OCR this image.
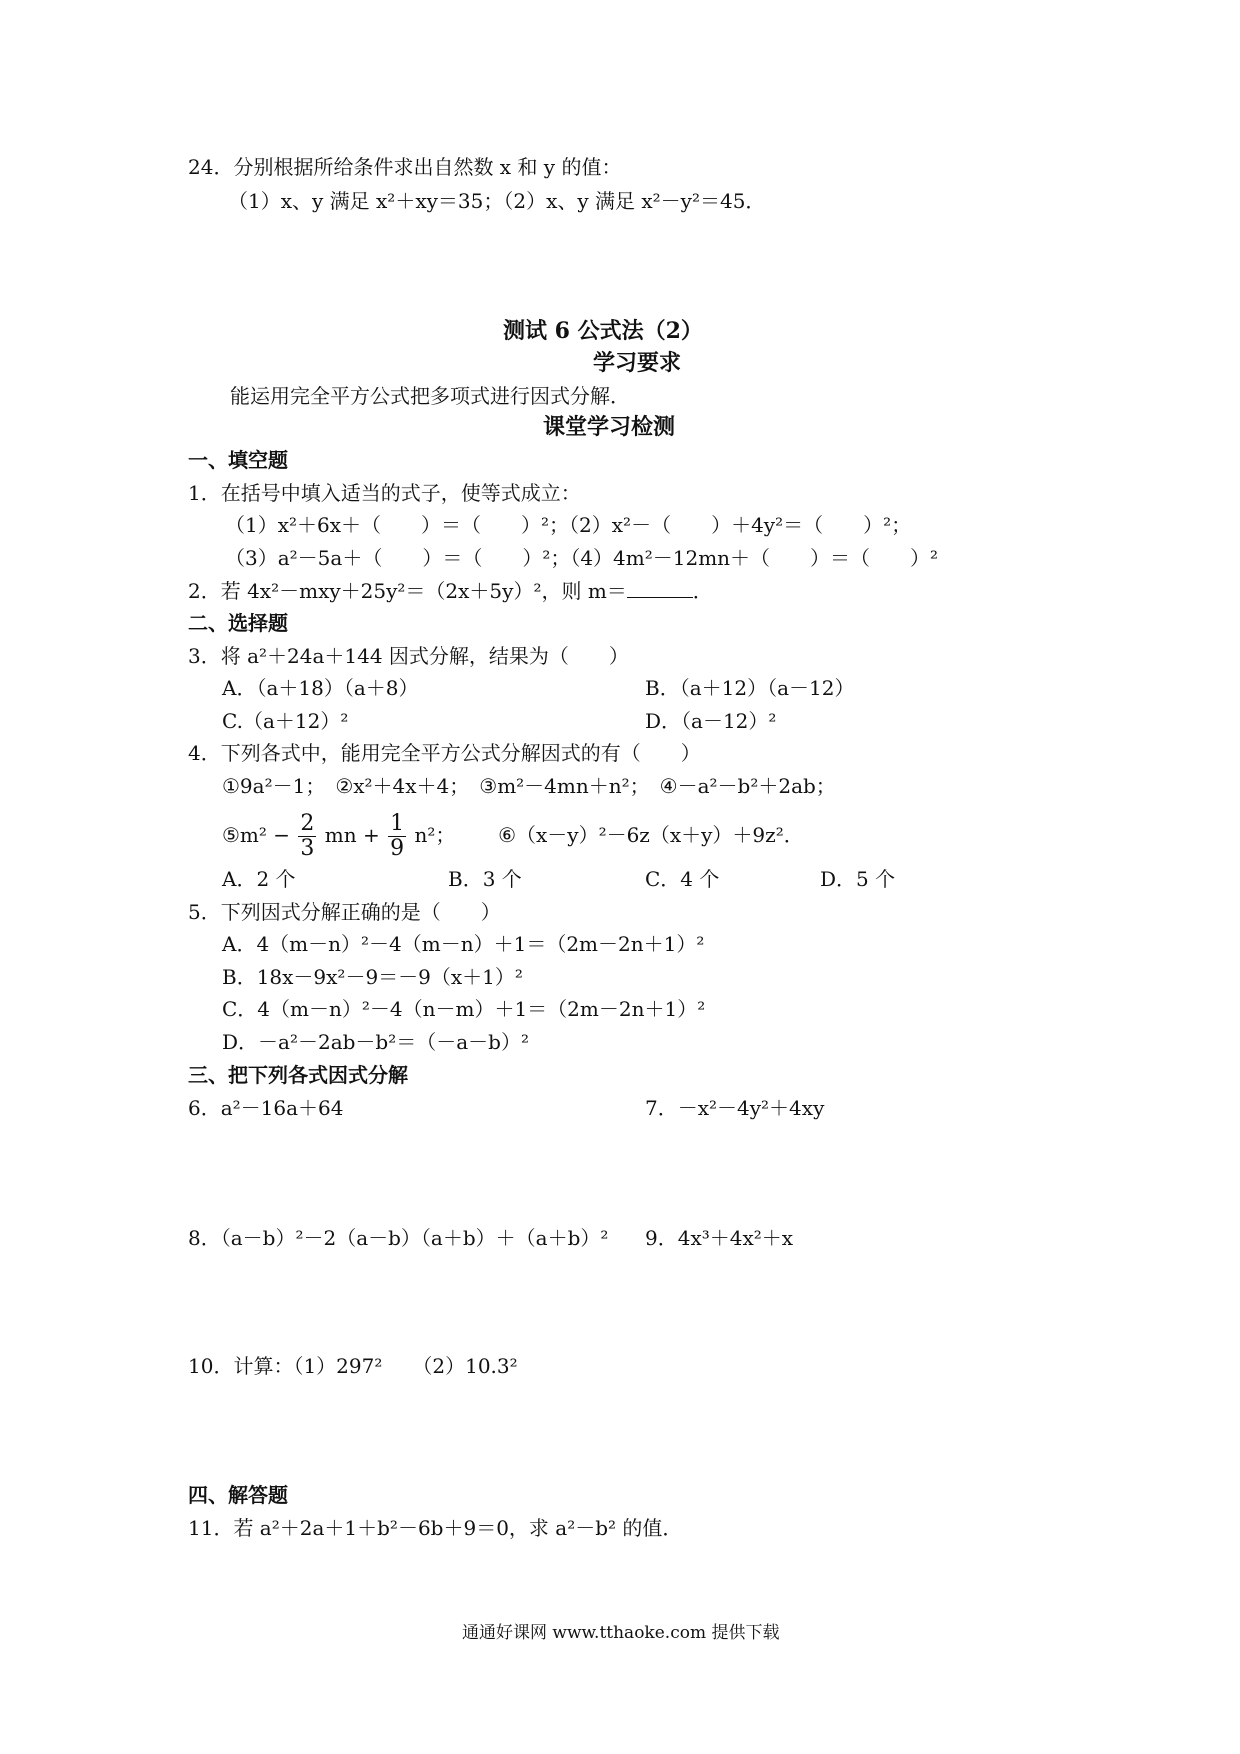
24．分别根据所给条件求出自然数 x 和 y 的值：
（1）x、y 满足 x²＋xy＝35；（2）x、y 满足 x²－y²＝45．
测试 6 公式法（2）
学习要求
能运用完全平方公式把多项式进行因式分解．
课堂学习检测
一、填空题
1．在括号中填入适当的式子，使等式成立：
（1）x²＋6x＋（　　）＝（　　）²；（2）x²－（　　）＋4y²＝（　　）²；
（3）a²－5a＋（　　）＝（　　）²；（4）4m²－12mn＋（　　）＝（　　）²
2．若 4x²－mxy＋25y²＝（2x＋5y）²，则 m＝	．
二、选择题
3．将 a²＋24a＋144 因式分解，结果为（　　）
A．（a＋18）（a＋8）	B．（a＋12）（a－12）
C.（a＋12）²	D．（a－12）²
4．下列各式中，能用完全平方公式分解因式的有（　　）
①9a²－1；　②x²＋4x＋4；　③m²－4mn＋n²；　④－a²－b²＋2ab；
⑤m² − $\frac{2}{3}$ mn + $\frac{1}{9} n^2$； ⑥（x－y）²－6z（x＋y）＋9z²．
A．2 个	B．3 个	C．4 个	D．5 个
5．下列因式分解正确的是（　　）
A．4（m－n）²－4（m－n）＋1＝（2m－2n＋1）²
B．18x－9x²－9＝－9（x＋1）²
C．4（m－n）²－4（n－m）＋1＝（2m－2n＋1）²
D．－a²－2ab－b²＝（－a－b）²
三、把下列各式因式分解
6．a²－16a＋64	7．－x²－4y²＋4xy
8．（a－b）²－2（a－b）（a＋b）＋（a＋b）² 9．4x³＋4x²＋x
10．计算：（1）297²　　（2）10.3²
四、解答题
11．若 a²＋2a＋1＋b²－6b＋9＝0，求 a²－b² 的值．
通通好课网 www.tthaoke.com 提供下载
